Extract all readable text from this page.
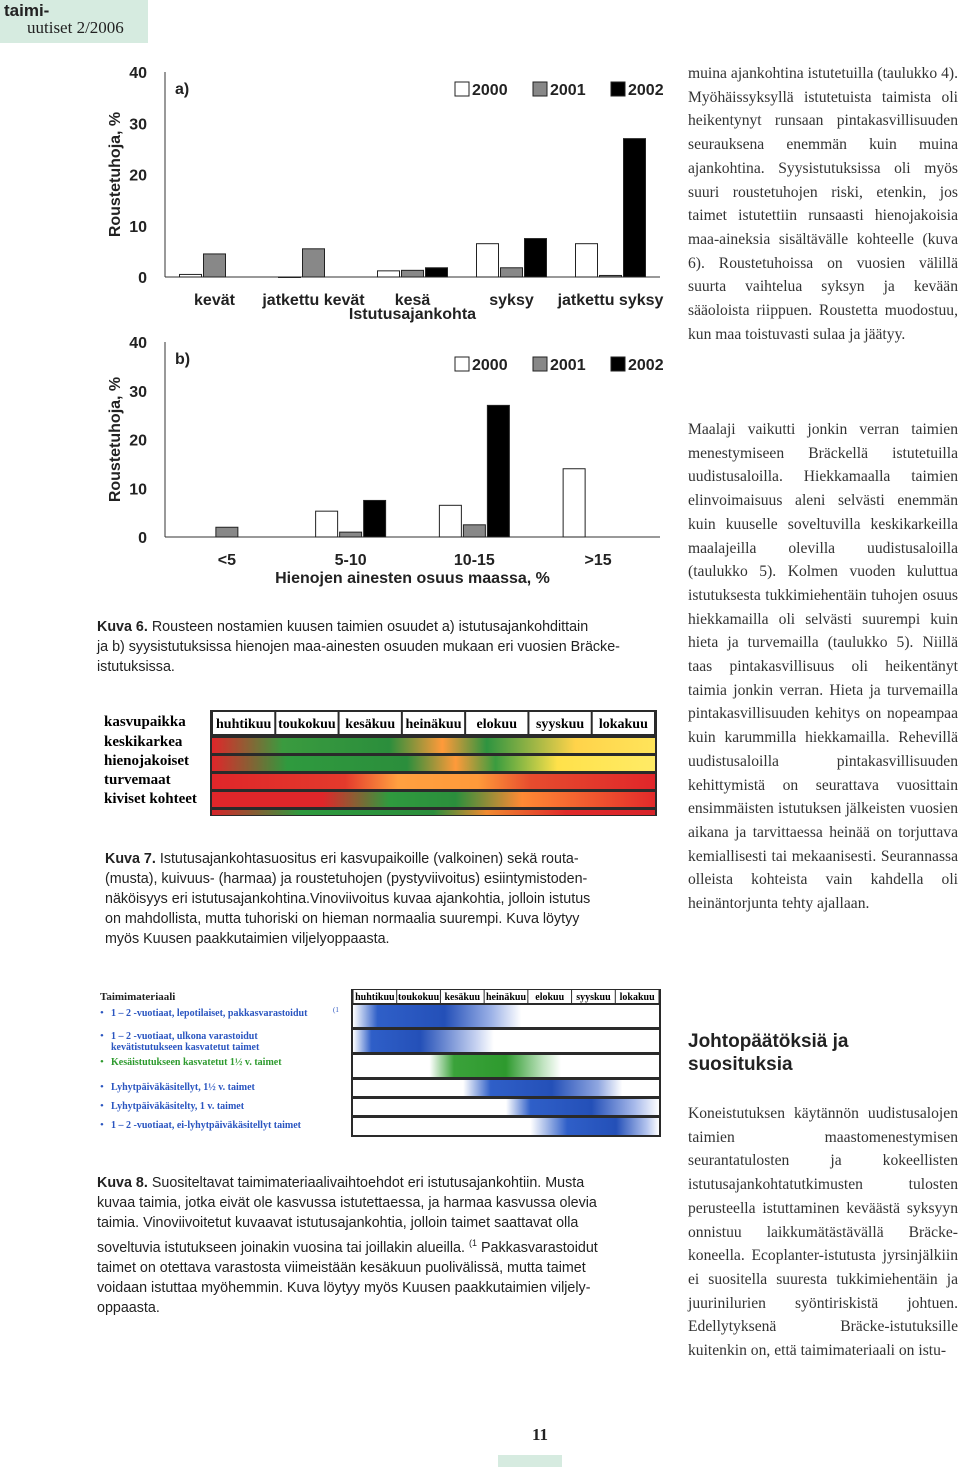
taimi-
uutiset 2/2006
0
10
20
30
40
a)
Roustetuhoja, %
kevät jatkettu kevät kesä	syksy jatkettu syksy
Istutusajankohta
2000	2001	2002
0
10
20
30
40
b)
Roustetuhoja, %
<5	5-10	10-15	>15
Hienojen ainesten osuus maassa, %
2000	2001	2002
Kuva 6. Rousteen nostamien kuusen taimien osuudet a) istutusajankohdittain
ja b) syysistutuksissa hienojen maa-ainesten osuuden mukaan eri vuosien Bräcke-
istutuksissa.
kasvupaikka
keskikarkea
hienojakoiset
turvemaat
kiviset kohteet
huhtikuu toukokuu kesäkuu heinäkuu elokuu syyskuu lokakuu
Kuva 7. Istutusajankohtasuositus eri kasvupaikoille (valkoinen) sekä routa-
(musta), kuivuus- (harmaa) ja roustetuhojen (pystyviivoitus) esiintymistoden-
näköisyys eri istutusajankohtina.Vinoviivoitus kuvaa ajankohtia, jolloin istutus
on mahdollista, mutta tuhoriski on hieman normaalia suurempi. Kuva löytyy
myös Kuusen paakkutaimien viljelyoppaasta.
Taimimateriaali
• 1 – 2 -vuotiaat, lepotilaiset, pakkasvarastoidut	(1
• 1 – 2 -vuotiaat, ulkona varastoidut
kevätistutukseen kasvatetut taimet
• Kesäistutukseen kasvatetut 1½ v. taimet
• Lyhytpäiväkäsitellyt, 1½ v. taimet
• Lyhytpäiväkäsitelty, 1 v. taimet
• 1 – 2 -vuotiaat, ei-lyhytpäiväkäsitellyt taimet
huhtikuu toukokuu kesäkuu heinäkuu elokuu syyskuu lokakuu
Kuva 8. Suositeltavat taimimateriaalivaihtoehdot eri istutusajankohtiin. Musta
kuvaa taimia, jotka eivät ole kasvussa istutettaessa, ja harmaa kasvussa olevia
taimia. Vinoviivoitetut kuvaavat istutusajankohtia, jolloin taimet saattavat olla
soveltuvia istutukseen joinakin vuosina tai joillakin alueilla. $^{(1}$ Pakkasvarastoidut
taimet on otettava varastosta viimeistään kesäkuun puolivälissä, mutta taimet
voidaan istuttaa myöhemmin. Kuva löytyy myös Kuusen paakkutaimien viljely-
oppaasta.
muina ajankohtina istutetuilla (taulukko 4). Myöhäissyksyllä istutetuista taimista oli heikentynyt runsaan pintakasvillisuuden seurauksena enemmän kuin muina ajankohtina. Syysistutuksissa oli myös suuri roustetuhojen riski, etenkin, jos taimet istutettiin runsaasti hienojakoisia maa-aineksia sisältävälle kohteelle (kuva 6). Roustetuhoissa on vuosien välillä suurta vaihtelua syksyn ja kevään sääoloista riippuen. Roustetta muodostuu, kun maa toistuvasti sulaa ja jäätyy.
Maalaji vaikutti jonkin verran taimien menestymiseen Bräckellä istutetuilla uudistusaloilla. Hiekkamaalla taimien elinvoimaisuus aleni selvästi enemmän kuin kuuselle soveltuvilla keskikarkeilla maalajeilla olevilla uudistusaloilla (taulukko 5). Kolmen vuoden kuluttua istutuksesta tukkimiehentäin tuhojen osuus hiekkamailla oli selvästi suurempi kuin hieta ja turvemailla (taulukko 5). Niillä taas pintakasvillisuus oli heikentänyt taimia jonkin verran. Hieta ja turvemailla pintakasvillisuuden kehitys on nopeampaa kuin karummilla hiekkamailla. Rehevillä uudistusaloilla pintakasvillisuuden kehittymistä on seurattava vuosittain ensimmäisten istutuksen jälkeisten vuosien aikana ja tarvittaessa heinää on torjuttava kemiallisesti tai mekaanisesti. Seurannassa olleista kohteista vain kahdella oli heinäntorjunta tehty ajallaan.
Johtopäätöksiä ja suosituksia
Koneistutuksen käytännön uudistusalojen taimien maastomenestymisen seurantatulosten ja kokeellisten istutusajankohtatutkimusten tulosten perusteella istuttaminen keväästä syksyyn onnistuu laikkumätästävällä Bräcke-koneella. Ecoplanter-istutusta jyrsinjälkiin ei suositella suuresta tukkimiehentäin ja juurinilurien syöntiriskistä johtuen. Edellytyksenä Bräcke-istutuksille kuitenkin on, että taimimateriaali on istu-
11
